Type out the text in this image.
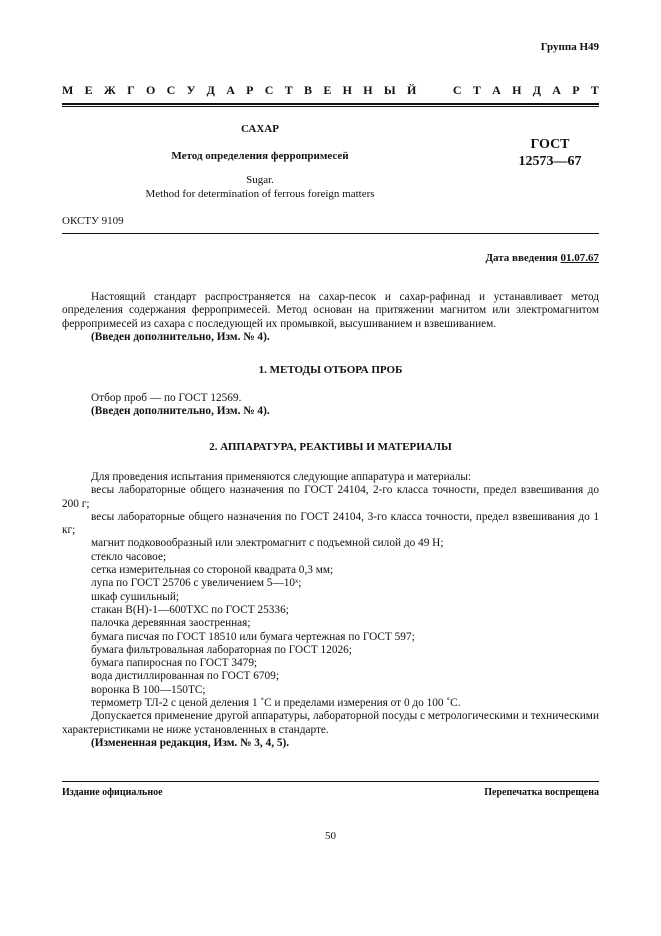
Группа Н49
М Е Ж Г О С У Д А Р С Т В Е Н Н Ы Й	С Т А Н Д А Р Т
САХАР
Метод определения ферропримесей
Sugar.
Method for determination of ferrous foreign matters
ГОСТ
12573—67
ОКСТУ 9109
Дата введения 01.07.67

Настоящий стандарт распространяется на сахар-песок и сахар-рафинад и устанавливает метод определения содержания ферропримесей. Метод основан на притяжении магнитом или электромагнитом ферропримесей из сахара с последующей их промывкой, высушиванием и взвешиванием.

(Введен дополнительно, Изм. № 4).

1. МЕТОДЫ ОТБОРА ПРОБ

Отбор проб — по ГОСТ 12569.

(Введен дополнительно, Изм. № 4).

2. АППАРАТУРА, РЕАКТИВЫ И МАТЕРИАЛЫ

Для проведения испытания применяются следующие аппаратура и материалы:

весы лабораторные общего назначения по ГОСТ 24104, 2-го класса точности, предел взвешивания до 200 г;

весы лабораторные общего назначения по ГОСТ 24104, 3-го класса точности, предел взвешивания до 1 кг;

магнит подковообразный или электромагнит с подъемной силой до 49 Н;

стекло часовое;

сетка измерительная со стороной квадрата 0,3 мм;

лупа по ГОСТ 25706 с увеличением 5—10ˣ;

шкаф сушильный;

стакан В(Н)-1—600ТХС по ГОСТ 25336;

палочка деревянная заостренная;

бумага писчая по ГОСТ 18510 или бумага чертежная по ГОСТ 597;

бумага фильтровальная лабораторная по ГОСТ 12026;

бумага папиросная по ГОСТ 3479;

вода дистиллированная по ГОСТ 6709;

воронка В 100—150ТС;

термометр ТЛ-2 с ценой деления 1 ˚С и пределами измерения от 0 до 100 ˚С.

Допускается применение другой аппаратуры, лабораторной посуды с метрологическими и техническими характеристиками не ниже установленных в стандарте.

(Измененная редакция, Изм. № 3, 4, 5).

Издание официальное	Перепечатка воспрещена
50
